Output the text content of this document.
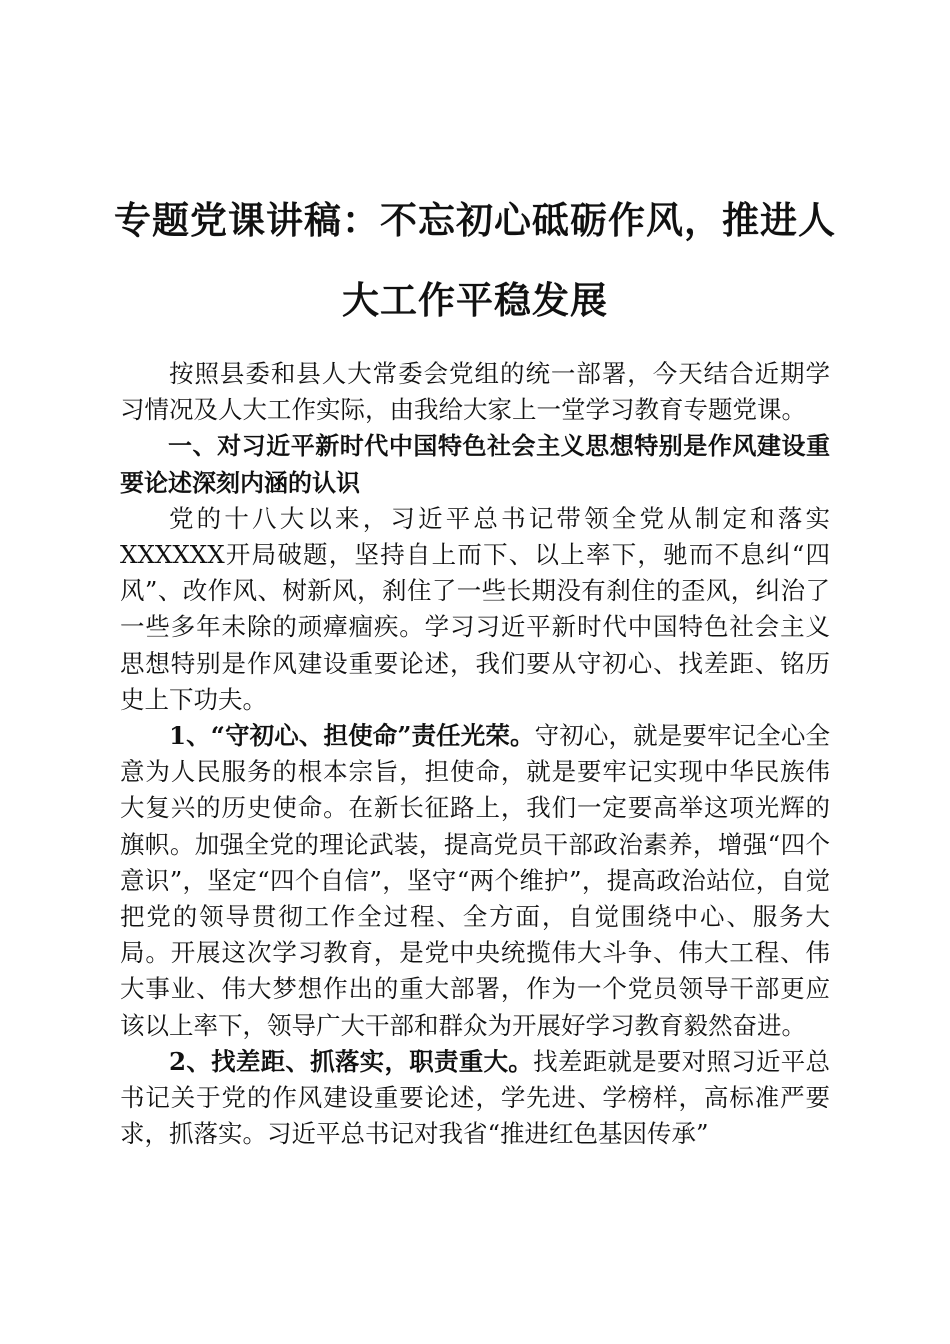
专题党课讲稿：不忘初心砥砺作风，推进人大工作平稳发展

按照县委和县人大常委会党组的统一部署，今天结合近期学习情况及人大工作实际，由我给大家上一堂学习教育专题党课。

一、对习近平新时代中国特色社会主义思想特别是作风建设重要论述深刻内涵的认识

党的十八大以来，习近平总书记带领全党从制定和落实XXXXXX开局破题，坚持自上而下、以上率下，驰而不息纠“四风”、改作风、树新风，刹住了一些长期没有刹住的歪风，纠治了一些多年未除的顽瘴痼疾。学习习近平新时代中国特色社会主义思想特别是作风建设重要论述，我们要从守初心、找差距、铭历史上下功夫。

1、“守初心、担使命”责任光荣。守初心，就是要牢记全心全意为人民服务的根本宗旨，担使命，就是要牢记实现中华民族伟大复兴的历史使命。在新长征路上，我们一定要高举这项光辉的旗帜。加强全党的理论武装，提高党员干部政治素养，增强“四个意识”，坚定“四个自信”，坚守“两个维护”，提高政治站位，自觉把党的领导贯彻工作全过程、全方面，自觉围绕中心、服务大局。开展这次学习教育，是党中央统揽伟大斗争、伟大工程、伟大事业、伟大梦想作出的重大部署，作为一个党员领导干部更应该以上率下，领导广大干部和群众为开展好学习教育毅然奋进。

2、找差距、抓落实，职责重大。找差距就是要对照习近平总书记关于党的作风建设重要论述，学先进、学榜样，高标准严要求，抓落实。习近平总书记对我省“推进红色基因传承”
